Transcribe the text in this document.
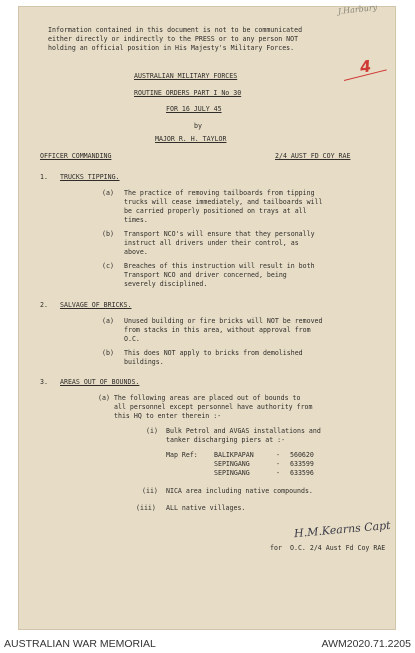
J.Harbury
Information contained in this document is not to be communicated
either directly or indirectly to the PRESS or to any person NOT
holding an official position in His Majesty's Military Forces.
AUSTRALIAN MILITARY FORCES
ROUTINE ORDERS PART I No 30
FOR 16 JULY 45
by
MAJOR R. H. TAYLOR
OFFICER COMMANDING	2/4 AUST FD COY RAE
4
1. TRUCKS TIPPING.
(a) The practice of removing tailboards from tipping
trucks will cease immediately, and tailboards will
be carried properly positioned on trays at all
times.
(b) Transport NCO's will ensure that they personally
instruct all drivers under their control, as
above.
(c) Breaches of this instruction will result in both
Transport NCO and driver concerned, being
severely disciplined.
2. SALVAGE OF BRICKS.
(a) Unused building or fire bricks will NOT be removed
from stacks in this area, without approval from
O.C.
(b) This does NOT apply to bricks from demolished
buildings.
3. AREAS OUT OF BOUNDS.
(a) The following areas are placed out of bounds to
all personnel except personnel have authority from
this HQ to enter therein :-
(i) Bulk Petrol and AVGAS installations and
tanker discharging piers at :-
Map Ref: BALIKPAPAN	- 560620
SEPINGANG	- 633599
SEPINGANG	- 633596
(ii) NICA area including native compounds.
(iii) ALL native villages.
H.M.Kearns Capt
for O.C. 2/4 Aust Fd Coy RAE
AUSTRALIAN WAR MEMORIAL	AWM2020.71.2205
